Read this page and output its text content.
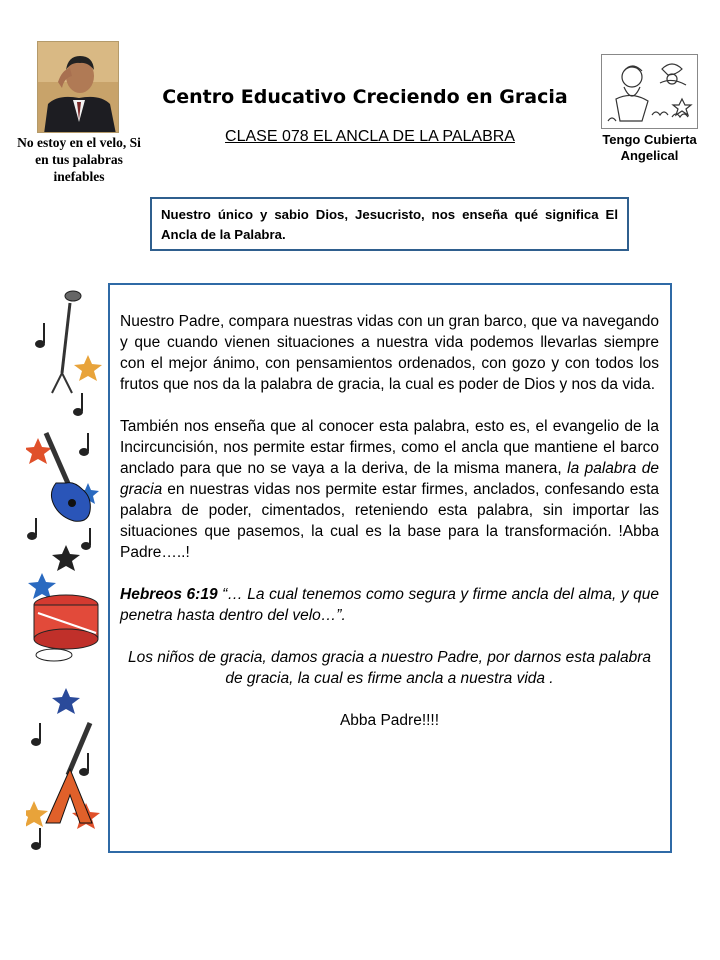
No estoy en el velo, Si en tus palabras inefables
Centro Educativo Creciendo en Gracia
CLASE 078 EL ANCLA DE LA PALABRA	Tengo Cubierta Angelical
Nuestro único y sabio Dios, Jesucristo, nos enseña qué significa El Ancla de la Palabra.

Nuestro Padre, compara nuestras vidas con un gran barco, que va navegando y que cuando vienen situaciones a nuestra vida podemos llevarlas siempre con el mejor ánimo, con pensamientos ordenados, con gozo y con todos los frutos que nos da la palabra de gracia, la cual es poder de Dios y nos da vida.

También nos enseña que al conocer esta palabra, esto es, el evangelio de la Incircuncisión, nos permite estar firmes, como el ancla que mantiene el barco anclado para que no se vaya a la deriva, de la misma manera, la palabra de gracia en nuestras vidas nos permite estar firmes, anclados, confesando esta palabra de poder, cimentados, reteniendo esta palabra, sin importar las situaciones que pasemos, la cual es la base para la transformación. !Abba Padre…..!

Hebreos 6:19 “… La cual tenemos como segura y firme ancla del alma, y que penetra hasta dentro del velo…”.

Los niños de gracia, damos gracia a nuestro Padre, por darnos esta palabra de gracia, la cual es firme ancla a nuestra vida .

Abba Padre!!!!
